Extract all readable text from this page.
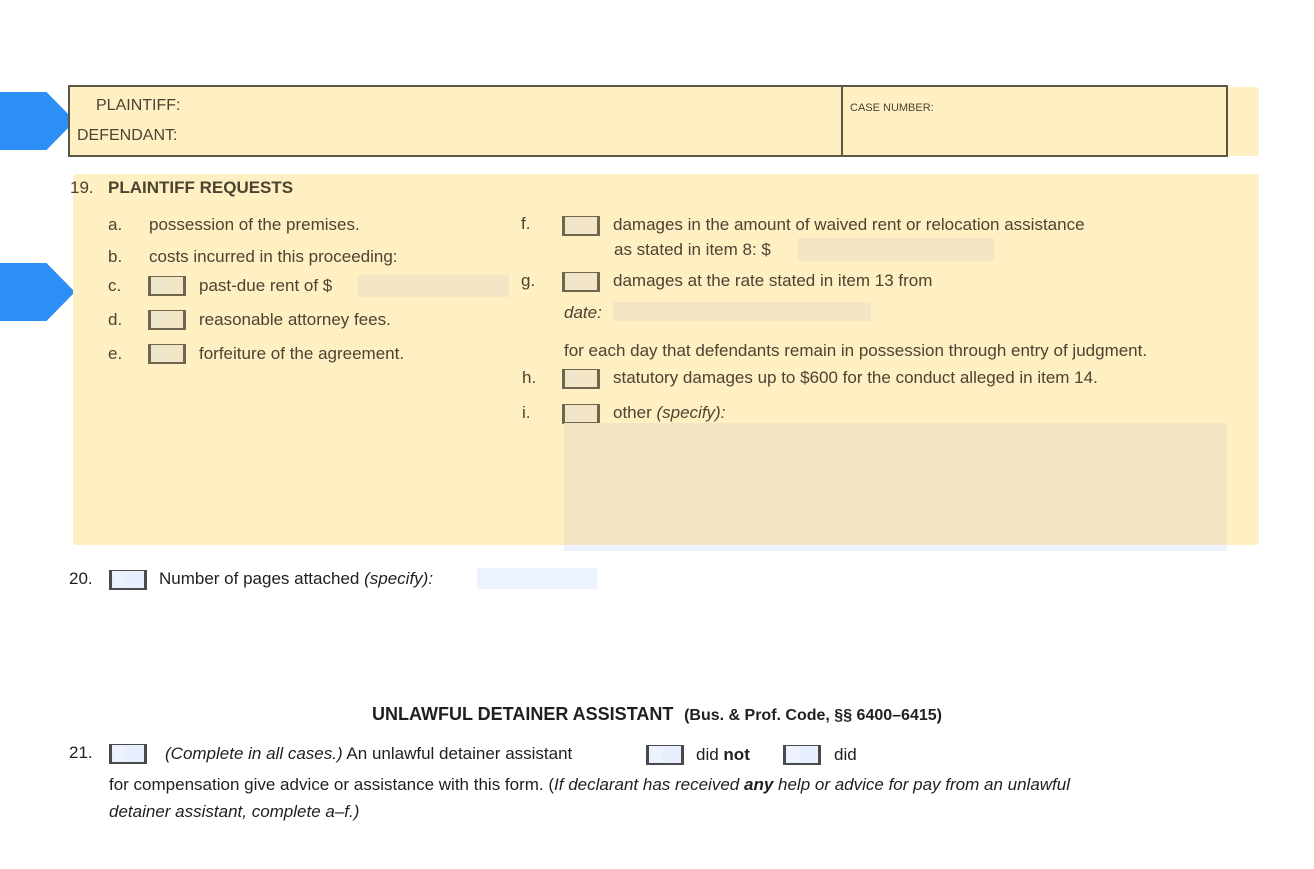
PLAINTIFF:
DEFENDANT:
CASE NUMBER:
19. PLAINTIFF REQUESTS
a. possession of the premises.
b. costs incurred in this proceeding:
c.	past-due rent of $
d.	reasonable attorney fees.
e.	forfeiture of the agreement.
f.	damages in the amount of waived rent or relocation assistance
as stated in item 8: $
g.	damages at the rate stated in item 13 from
date:
for each day that defendants remain in possession through entry of judgment.
h.	statutory damages up to $600 for the conduct alleged in item 14.
i.	other (specify):
20.	Number of pages attached (specify):
UNLAWFUL DETAINER ASSISTANT (Bus. & Prof. Code, §§ 6400–6415)
21.	(Complete in all cases.) An unlawful detainer assistant	did not	did
for compensation give advice or assistance with this form. (If declarant has received any help or advice for pay from an unlawful
detainer assistant, complete a–f.)
